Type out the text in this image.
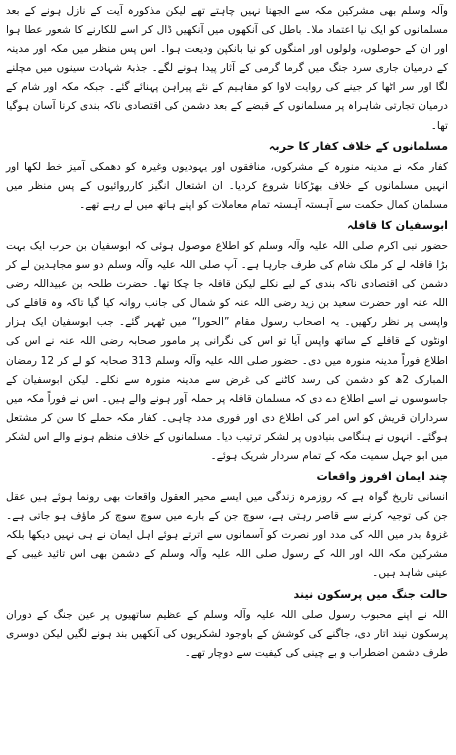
وآلہ وسلم بھی مشرکین مکہ سے الجھنا نہیں چاہتے تھے لیکن مذکورہ آیت کے نازل ہونے کے بعد مسلمانوں کو ایک نیا اعتماد ملا۔ باطل کی آنکھوں میں آنکھیں ڈال کر اسے للکارنے کا شعور عطا ہوا اور ان کے حوصلوں، ولولوں اور امنگوں کو نیا بانکپن ودیعت ہوا۔ اس پس منظر میں مکہ اور مدینہ کے درمیان جاری سرد جنگ میں گرما گرمی کے آثار پیدا ہونے لگے۔ جذبۂ شہادت سینوں میں مچلنے لگا اور سر اٹھا کر جینے کی روایت لاوا کو مفاہیم کے نئے پیراہن پہنائے گئے۔ جبکہ مکہ اور شام کے درمیان تجارتی شاہراہ پر مسلمانوں کے قبضے کے بعد دشمن کی اقتصادی ناکہ بندی کرنا آسان ہوگیا تھا۔

مسلمانوں کے خلاف کفار کا حربہ

کفار مکہ نے مدینہ منورہ کے مشرکوں، منافقوں اور یہودیوں وغیرہ کو دھمکی آمیز خط لکھا اور انہیں مسلمانوں کے خلاف بھڑکانا شروع کردیا۔ ان اشتعال انگیز کارروائیوں کے پس منظر میں مسلمان کمال حکمت سے آہستہ آہستہ تمام معاملات کو اپنے ہاتھ میں لے رہے تھے۔

ابوسفیان کا قافلہ

حضور نبی اکرم صلی اللہ علیہ وآلہ وسلم کو اطلاع موصول ہوئی کہ ابوسفیان بن حرب ایک بہت بڑا قافلہ لے کر ملک شام کی طرف جارہا ہے۔ آپ صلی اللہ علیہ وآلہ وسلم دو سو مجاہدین لے کر دشمن کی اقتصادی ناکہ بندی کے لیے نکلے لیکن قافلہ جا چکا تھا۔ حضرت طلحہ بن عبیداللہ رضی اللہ عنہ اور حضرت سعید بن زید رضی اللہ عنہ کو شمال کی جانب روانہ کیا گیا تاکہ وہ قافلے کی واپسی پر نظر رکھیں۔ یہ اصحاب رسول مقام ”الحورا“ میں ٹھہر گئے۔ جب ابوسفیان ایک ہزار اونٹوں کے قافلے کے ساتھ واپس آیا تو اس کی نگرانی پر مامور صحابہ رضی اللہ عنہ نے اس کی اطلاع فوراً مدینہ منورہ میں دی۔ حضور صلی اللہ علیہ وآلہ وسلم 313 صحابہ کو لے کر 12 رمضان المبارک 2ھ کو دشمن کی رسد کاٹنے کی غرض سے مدینہ منورہ سے نکلے۔ لیکن ابوسفیان کے جاسوسوں نے اسے اطلاع دے دی کہ مسلمان قافلہ پر حملہ آور ہونے والے ہیں۔ اس نے فوراً مکہ میں سرداران قریش کو اس امر کی اطلاع دی اور فوری مدد چاہی۔ کفار مکہ حملے کا سن کر مشتعل ہوگئے۔ انہوں نے ہنگامی بنیادوں پر لشکر ترتیب دیا۔ مسلمانوں کے خلاف منظم ہونے والے اس لشکر میں ابو جہل سمیت مکہ کے تمام سردار شریک ہوئے۔

چند ایمان افروز واقعات

انسانی تاریخ گواہ ہے کہ روزمرہ زندگی میں ایسے محیر العقول واقعات بھی رونما ہوئے ہیں عقل جن کی توجیہ کرنے سے قاصر رہتی ہے، سوچ جن کے بارے میں سوچ سوچ کر ماؤف ہو جاتی ہے۔ غزوۂ بدر میں اللہ کی مدد اور نصرت کو آسمانوں سے اترتے ہوئے اہل ایمان نے ہی نہیں دیکھا بلکہ مشرکین مکہ اللہ اور اللہ کے رسول صلی اللہ علیہ وآلہ وسلم کے دشمن بھی اس تائید غیبی کے عینی شاہد ہیں۔

حالت جنگ میں پرسکون نیند

اللہ نے اپنے محبوب رسول صلی اللہ علیہ وآلہ وسلم کے عظیم ساتھیوں پر عین جنگ کے دوران پرسکون نیند اتار دی، جاگنے کی کوشش کے باوجود لشکریوں کی آنکھیں بند ہونے لگیں لیکن دوسری طرف دشمن اضطراب و بے چینی کی کیفیت سے دوچار تھے۔
